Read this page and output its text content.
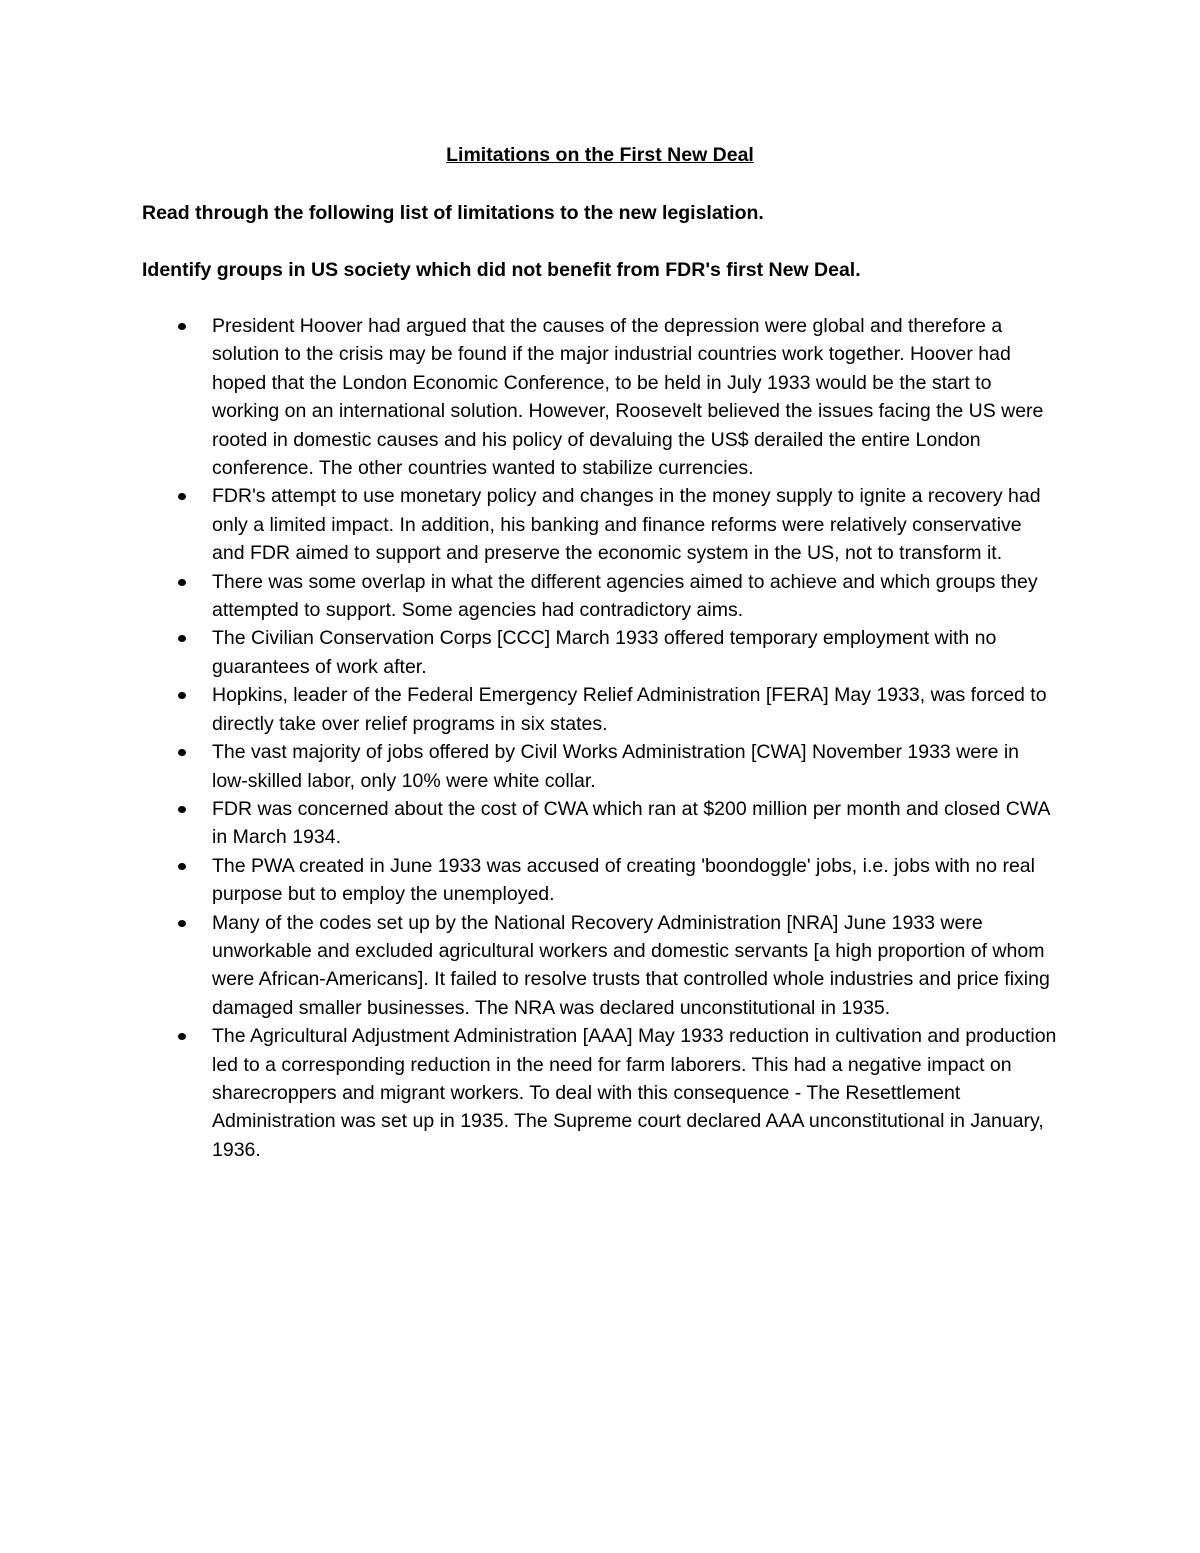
Limitations on the First New Deal
Read through the following list of limitations to the new legislation.
Identify groups in US society which did not benefit from FDR's first New Deal.
President Hoover had argued that the causes of the depression were global and therefore a solution to the crisis may be found if the major industrial countries work together. Hoover had hoped that the London Economic Conference, to be held in July 1933 would be the start to working on an international solution. However, Roosevelt believed the issues facing the US were rooted in domestic causes and his policy of devaluing the US$ derailed the entire London conference. The other countries wanted to stabilize currencies.
FDR's attempt to use monetary policy and changes in the money supply to ignite a recovery had only a limited impact. In addition, his banking and finance reforms were relatively conservative and FDR aimed to support and preserve the economic system in the US, not to transform it.
There was some overlap in what the different agencies aimed to achieve and which groups they attempted to support. Some agencies had contradictory aims.
The Civilian Conservation Corps [CCC] March 1933 offered temporary employment with no guarantees of work after.
Hopkins, leader of the Federal Emergency Relief Administration [FERA] May 1933, was forced to directly take over relief programs in six states.
The vast majority of jobs offered by Civil Works Administration [CWA] November 1933 were in low-skilled labor, only 10% were white collar.
FDR was concerned about the cost of CWA which ran at $200 million per month and closed CWA in March 1934.
The PWA created in June 1933 was accused of creating 'boondoggle' jobs, i.e. jobs with no real purpose but to employ the unemployed.
Many of the codes set up by the National Recovery Administration [NRA] June 1933 were unworkable and excluded agricultural workers and domestic servants [a high proportion of whom were African-Americans]. It failed to resolve trusts that controlled whole industries and price fixing damaged smaller businesses. The NRA was declared unconstitutional in 1935.
The Agricultural Adjustment Administration [AAA] May 1933 reduction in cultivation and production led to a corresponding reduction in the need for farm laborers. This had a negative impact on sharecroppers and migrant workers. To deal with this consequence - The Resettlement Administration was set up in 1935. The Supreme court declared AAA unconstitutional in January, 1936.
